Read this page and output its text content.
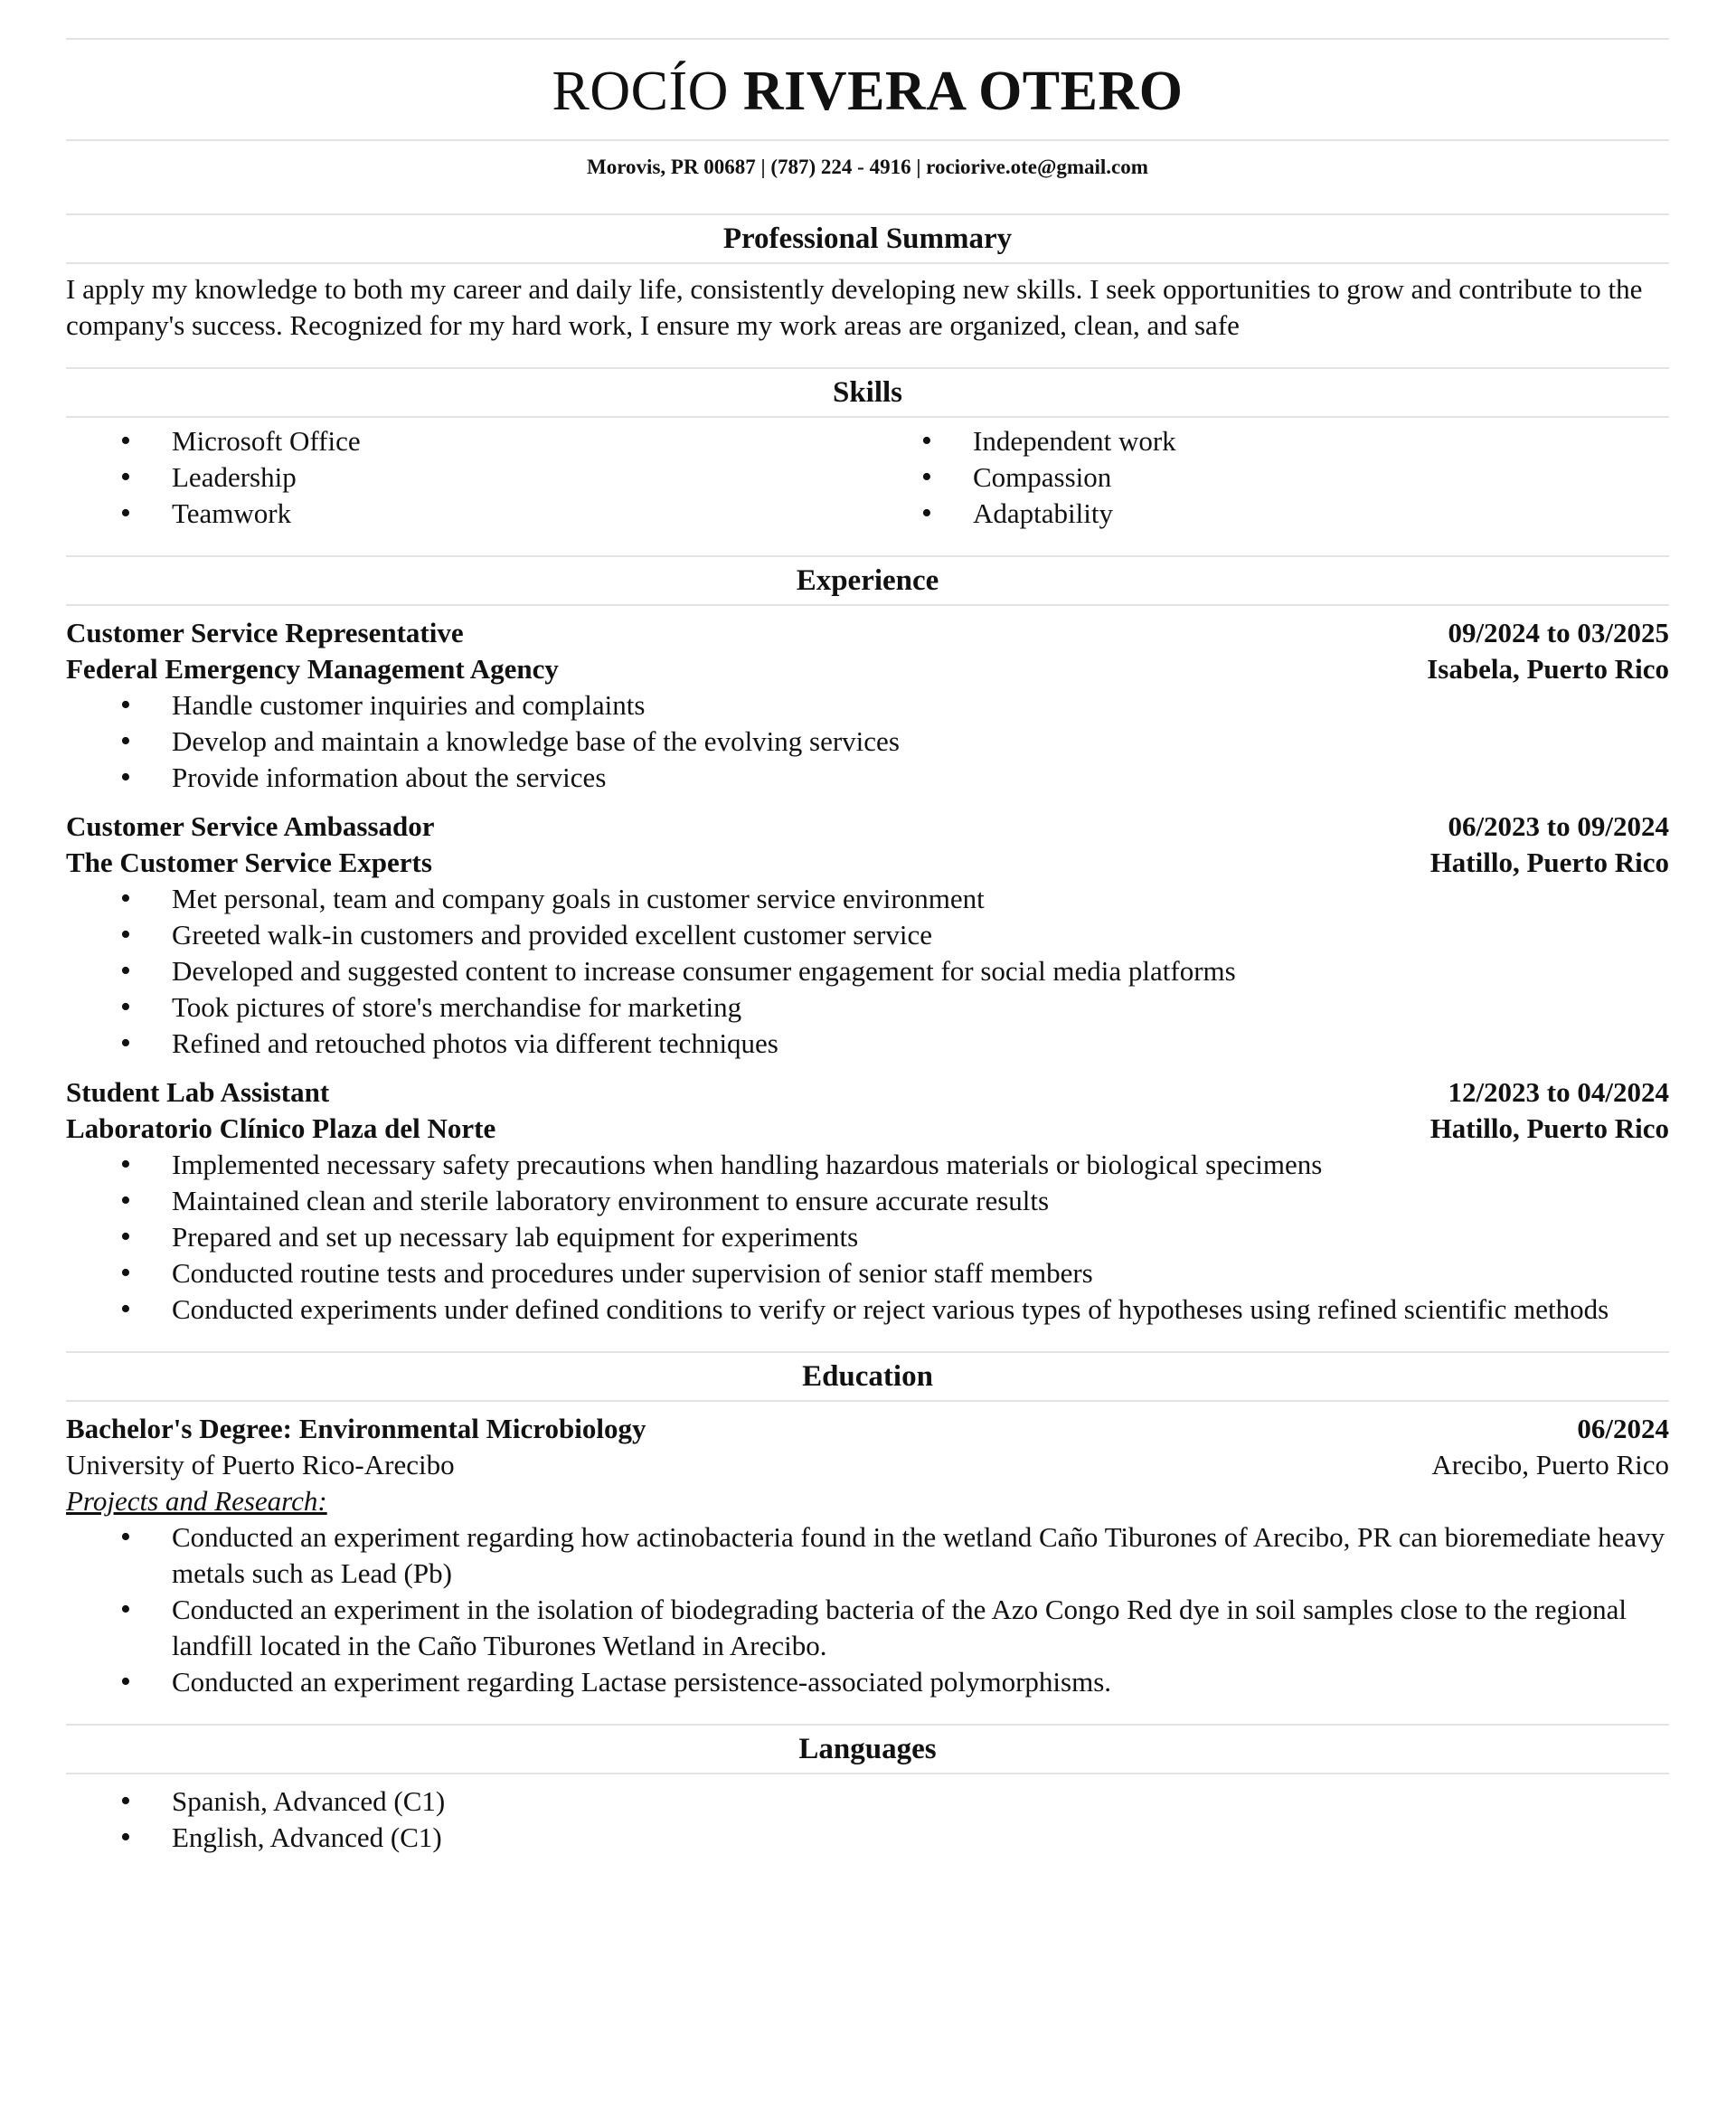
ROCÍO RIVERA OTERO
Morovis, PR 00687 | (787) 224 - 4916 | rociorive.ote@gmail.com
Professional Summary

I apply my knowledge to both my career and daily life, consistently developing new skills. I seek opportunities to grow and contribute to the company's success. Recognized for my hard work, I ensure my work areas are organized, clean, and safe

Skills
• Microsoft Office
• Leadership
• Teamwork
• Independent work
• Compassion
• Adaptability
Experience
Customer Service Representative	09/2024 to 03/2025
Federal Emergency Management Agency	Isabela, Puerto Rico
• Handle customer inquiries and complaints
• Develop and maintain a knowledge base of the evolving services
• Provide information about the services
Customer Service Ambassador	06/2023 to 09/2024
The Customer Service Experts	Hatillo, Puerto Rico
• Met personal, team and company goals in customer service environment
• Greeted walk-in customers and provided excellent customer service
• Developed and suggested content to increase consumer engagement for social media platforms
• Took pictures of store's merchandise for marketing
• Refined and retouched photos via different techniques
Student Lab Assistant	12/2023 to 04/2024
Laboratorio Clínico Plaza del Norte	Hatillo, Puerto Rico
• Implemented necessary safety precautions when handling hazardous materials or biological specimens
• Maintained clean and sterile laboratory environment to ensure accurate results
• Prepared and set up necessary lab equipment for experiments
• Conducted routine tests and procedures under supervision of senior staff members
• Conducted experiments under defined conditions to verify or reject various types of hypotheses using refined scientific methods
Education
Bachelor's Degree: Environmental Microbiology	06/2024
University of Puerto Rico-Arecibo	Arecibo, Puerto Rico
Projects and Research:
• Conducted an experiment regarding how actinobacteria found in the wetland Caño Tiburones of Arecibo, PR can bioremediate heavy metals such as Lead (Pb)
• Conducted an experiment in the isolation of biodegrading bacteria of the Azo Congo Red dye in soil samples close to the regional landfill located in the Caño Tiburones Wetland in Arecibo.
• Conducted an experiment regarding Lactase persistence-associated polymorphisms.
Languages
• Spanish, Advanced (C1)
• English, Advanced (C1)
